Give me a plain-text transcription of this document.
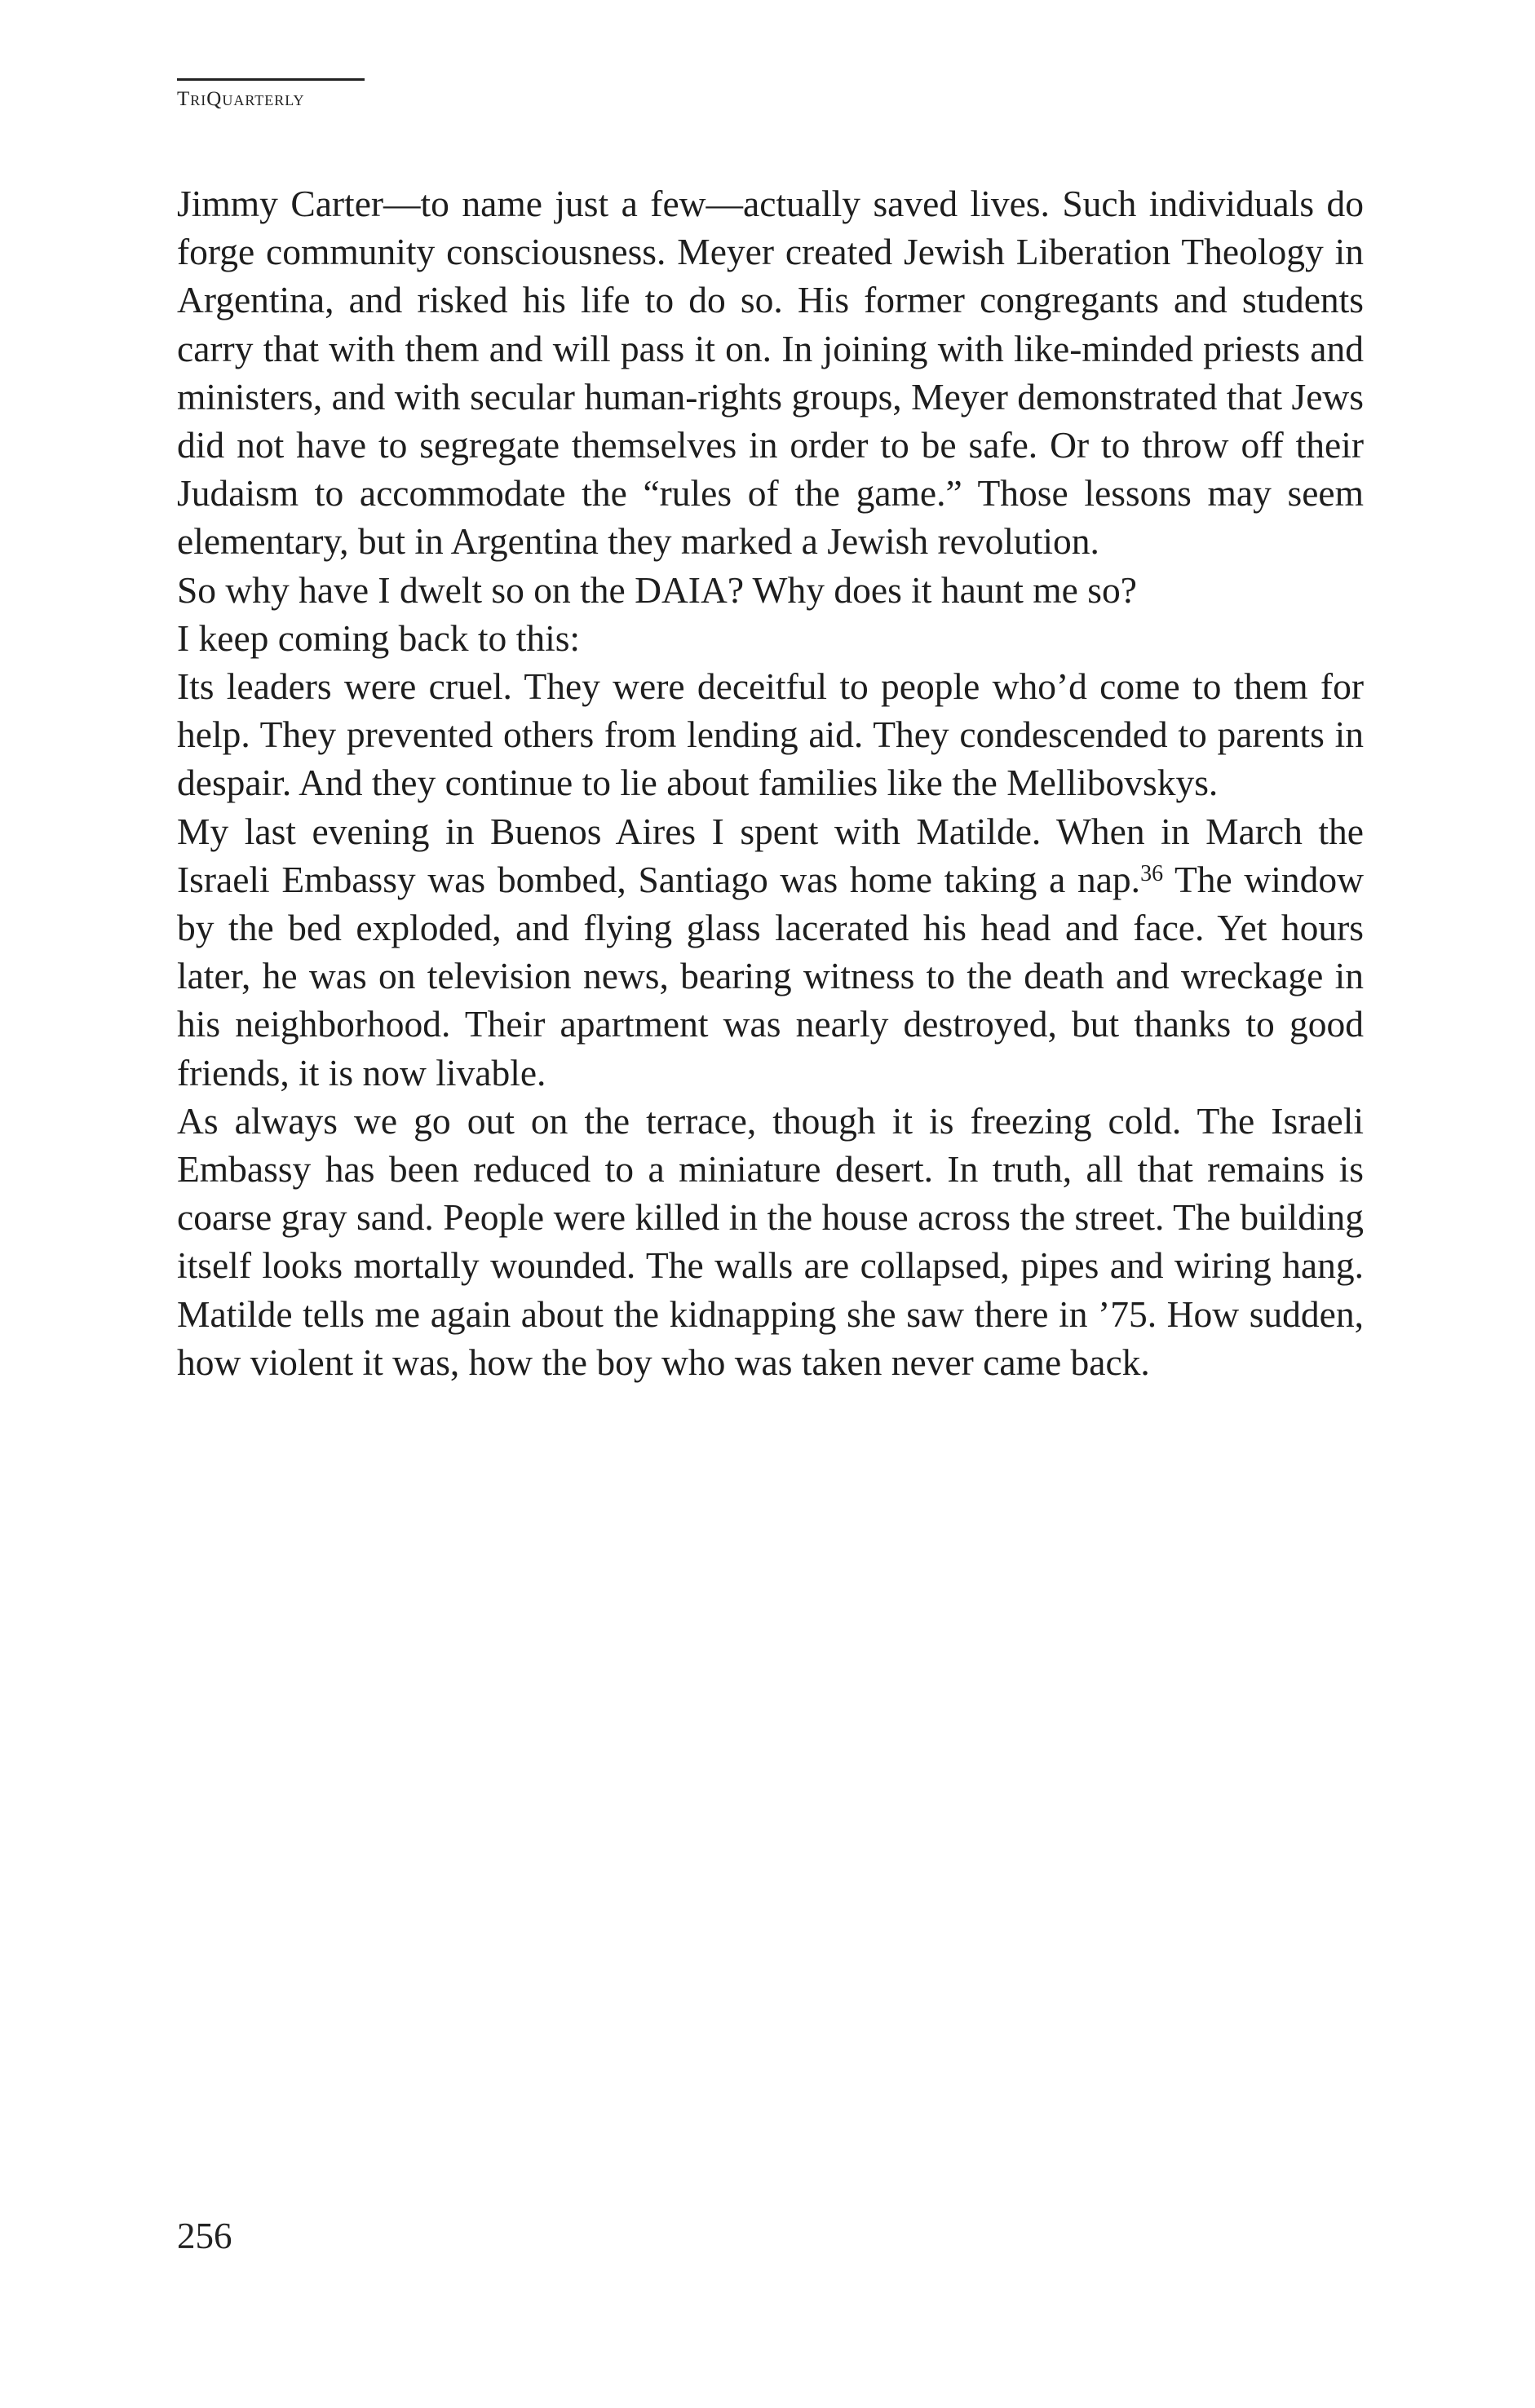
TriQuarterly

Jimmy Carter—to name just a few—actually saved lives. Such individuals do forge community consciousness. Meyer created Jewish Liberation Theology in Argentina, and risked his life to do so. His former congregants and students carry that with them and will pass it on. In joining with like-minded priests and ministers, and with secular human-rights groups, Meyer demonstrated that Jews did not have to segregate themselves in order to be safe. Or to throw off their Judaism to accommodate the “rules of the game.” Those lessons may seem elementary, but in Argentina they marked a Jewish revolution.

So why have I dwelt so on the DAIA? Why does it haunt me so?

I keep coming back to this:

Its leaders were cruel. They were deceitful to people who’d come to them for help. They prevented others from lending aid. They condescended to parents in despair. And they continue to lie about families like the Mellibovskys.

My last evening in Buenos Aires I spent with Matilde. When in March the Israeli Embassy was bombed, Santiago was home taking a nap.$^{36}$ The window by the bed exploded, and flying glass lacerated his head and face. Yet hours later, he was on television news, bearing witness to the death and wreckage in his neighborhood. Their apartment was nearly destroyed, but thanks to good friends, it is now livable.

As always we go out on the terrace, though it is freezing cold. The Israeli Embassy has been reduced to a miniature desert. In truth, all that remains is coarse gray sand. People were killed in the house across the street. The building itself looks mortally wounded. The walls are collapsed, pipes and wiring hang. Matilde tells me again about the kidnapping she saw there in ’75. How sudden, how violent it was, how the boy who was taken never came back.

256
